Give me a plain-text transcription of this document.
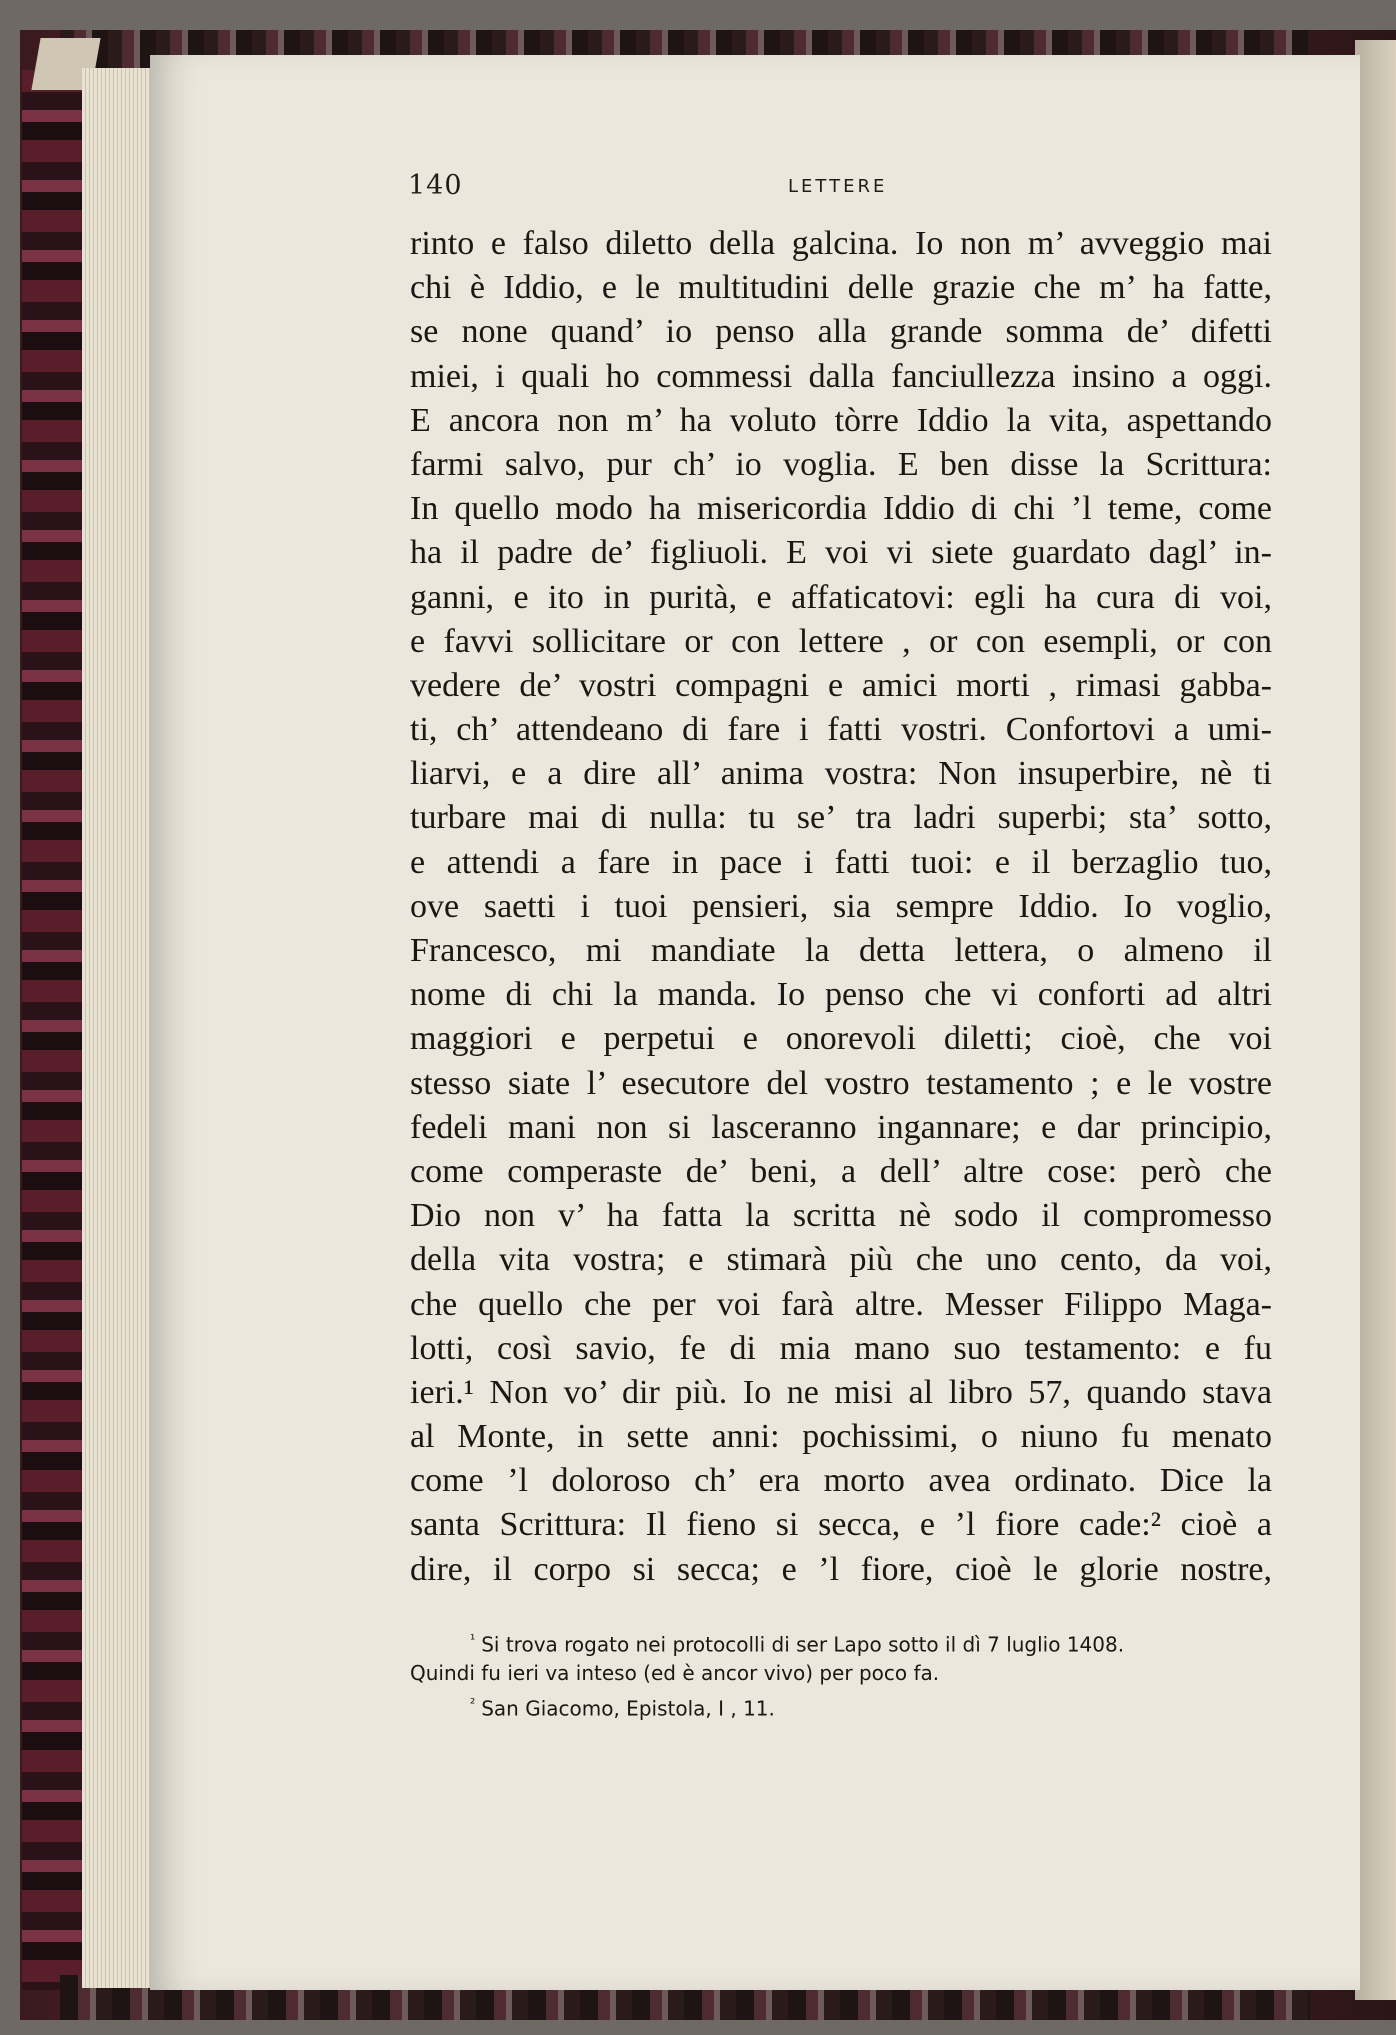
140	LETTERE
rinto e falso diletto della galcina. Io non m’ avveggio mai
chi è Iddio, e le multitudini delle grazie che m’ ha fatte,
se none quand’ io penso alla grande somma de’ difetti
miei, i quali ho commessi dalla fanciullezza insino a oggi.
E ancora non m’ ha voluto tòrre Iddio la vita, aspettando
farmi salvo, pur ch’ io voglia. E ben disse la Scrittura:
In quello modo ha misericordia Iddio di chi ’l teme, come
ha il padre de’ figliuoli. E voi vi siete guardato dagl’ in-
ganni, e ito in purità, e affaticatovi: egli ha cura di voi,
e favvi sollicitare or con lettere , or con esempli, or con
vedere de’ vostri compagni e amici morti , rimasi gabba-
ti, ch’ attendeano di fare i fatti vostri. Confortovi a umi-
liarvi, e a dire all’ anima vostra: Non insuperbire, nè ti
turbare mai di nulla: tu se’ tra ladri superbi; sta’ sotto,
e attendi a fare in pace i fatti tuoi: e il berzaglio tuo,
ove saetti i tuoi pensieri, sia sempre Iddio. Io voglio,
Francesco, mi mandiate la detta lettera, o almeno il
nome di chi la manda. Io penso che vi conforti ad altri
maggiori e perpetui e onorevoli diletti; cioè, che voi
stesso siate l’ esecutore del vostro testamento ; e le vostre
fedeli mani non si lasceranno ingannare; e dar principio,
come comperaste de’ beni, a dell’ altre cose: però che
Dio non v’ ha fatta la scritta nè sodo il compromesso
della vita vostra; e stimarà più che uno cento, da voi,
che quello che per voi farà altre. Messer Filippo Maga-
lotti, così savio, fe di mia mano suo testamento: e fu
ieri.¹ Non vo’ dir più. Io ne misi al libro 57, quando stava
al Monte, in sette anni: pochissimi, o niuno fu menato
come ’l doloroso ch’ era morto avea ordinato. Dice la
santa Scrittura: Il fieno si secca, e ’l fiore cade:² cioè a
dire, il corpo si secca; e ’l fiore, cioè le glorie nostre,
$^{^1}$ Si trova rogato nei protocolli di ser Lapo sotto il dì 7 luglio 1408.
Quindi fu ieri va inteso (ed è ancor vivo) per poco fa.
$^{^2}$ San Giacomo, Epistola, I , 11.
